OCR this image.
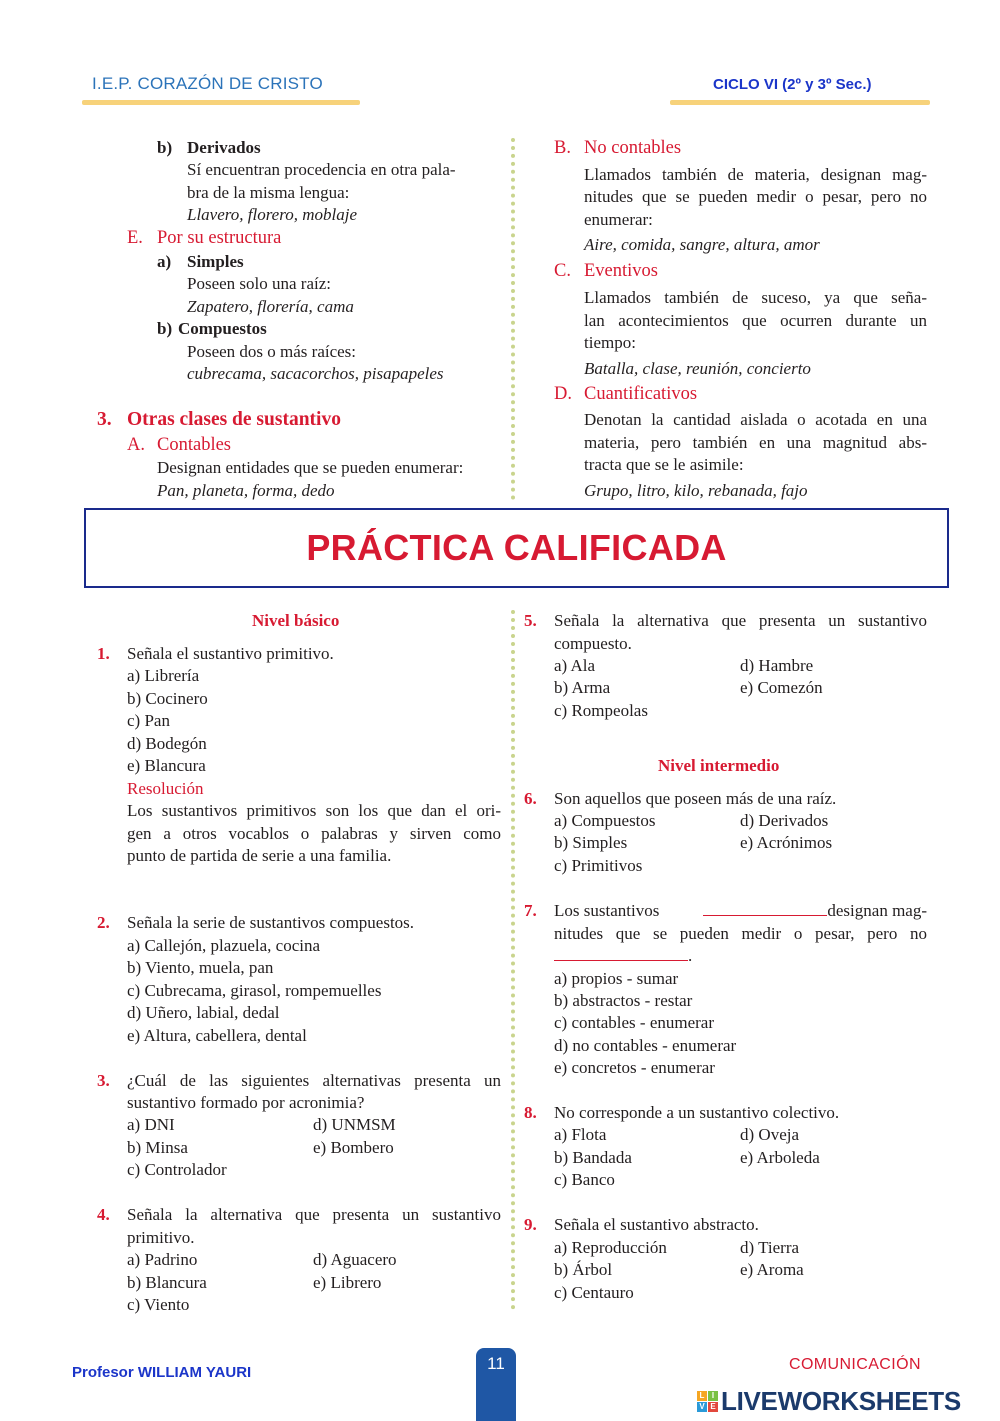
I.E.P. CORAZÓN DE CRISTO	CICLO VI (2º y 3º Sec.)
b) Derivados
Sí encuentran procedencia en otra pala-
bra de la misma lengua:
Llavero, florero, moblaje
E. Por su estructura
a) Simples
Poseen solo una raíz:
Zapatero, florería, cama
b) Compuestos
Poseen dos o más raíces:
cubrecama, sacacorchos, pisapapeles
3. Otras clases de sustantivo
A. Contables
Designan entidades que se pueden enumerar:
Pan, planeta, forma, dedo
B. No contables
Llamados también de materia, designan mag-
nitudes que se pueden medir o pesar, pero no
enumerar:
Aire, comida, sangre, altura, amor
C. Eventivos
Llamados también de suceso, ya que seña-
lan acontecimientos que ocurren durante un
tiempo:
Batalla, clase, reunión, concierto
D. Cuantificativos
Denotan la cantidad aislada o acotada en una
materia, pero también en una magnitud abs-
tracta que se le asimile:
Grupo, litro, kilo, rebanada, fajo
PRÁCTICA CALIFICADA
Nivel básico
1. Señala el sustantivo primitivo.
a) Librería
b) Cocinero
c) Pan
d) Bodegón
e) Blancura
Resolución
Los sustantivos primitivos son los que dan el ori-
gen a otros vocablos o palabras y sirven como
punto de partida de serie a una familia.
2. Señala la serie de sustantivos compuestos.
a) Callejón, plazuela, cocina
b) Viento, muela, pan
c) Cubrecama, girasol, rompemuelles
d) Uñero, labial, dedal
e) Altura, cabellera, dental
3. ¿Cuál de las siguientes alternativas presenta un
sustantivo formado por acronimia?
a) DNI
b) Minsa
c) Controlador
d) UNMSM
e) Bombero
4. Señala la alternativa que presenta un sustantivo
primitivo.
a) Padrino
b) Blancura
c) Viento
d) Aguacero
e) Librero
5. Señala la alternativa que presenta un sustantivo
compuesto.
a) Ala
b) Arma
c) Rompeolas
d) Hambre
e) Comezón
Nivel intermedio
6. Son aquellos que poseen más de una raíz.
a) Compuestos
b) Simples
c) Primitivos
d) Derivados
e) Acrónimos
7. Los sustantivos	designan mag-
nitudes que se pueden medir o pesar, pero no
.
a) propios - sumar
b) abstractos - restar
c) contables - enumerar
d) no contables - enumerar
e) concretos - enumerar
8. No corresponde a un sustantivo colectivo.
a) Flota
b) Bandada
c) Banco
d) Oveja
e) Arboleda
9. Señala el sustantivo abstracto.
a) Reproducción
b) Árbol
c) Centauro
d) Tierra
e) Aroma
Profesor WILLIAM YAURI	11	COMUNICACIÓN
L I
V E LIVEWORKSHEETS
